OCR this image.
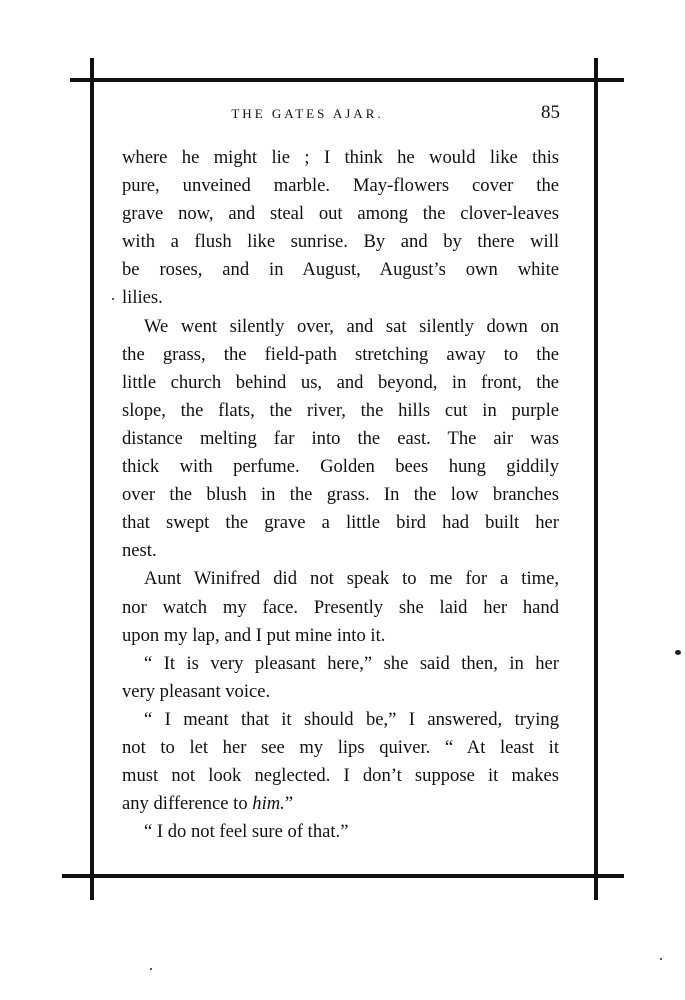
THE GATES AJAR.	85
where he might lie ; I think he would like this
pure, unveined marble. May-flowers cover the
grave now, and steal out among the clover-leaves
with a flush like sunrise. By and by there will
be roses, and in August, August’s own white
lilies.
We went silently over, and sat silently down on
the grass, the field-path stretching away to the
little church behind us, and beyond, in front, the
slope, the flats, the river, the hills cut in purple
distance melting far into the east. The air was
thick with perfume. Golden bees hung giddily
over the blush in the grass. In the low branches
that swept the grave a little bird had built her
nest.
Aunt Winifred did not speak to me for a time,
nor watch my face. Presently she laid her hand
upon my lap, and I put mine into it.
“ It is very pleasant here,” she said then, in her
very pleasant voice.
“ I meant that it should be,” I answered, trying
not to let her see my lips quiver. “ At least it
must not look neglected. I don’t suppose it makes
any difference to him.”
“ I do not feel sure of that.”
